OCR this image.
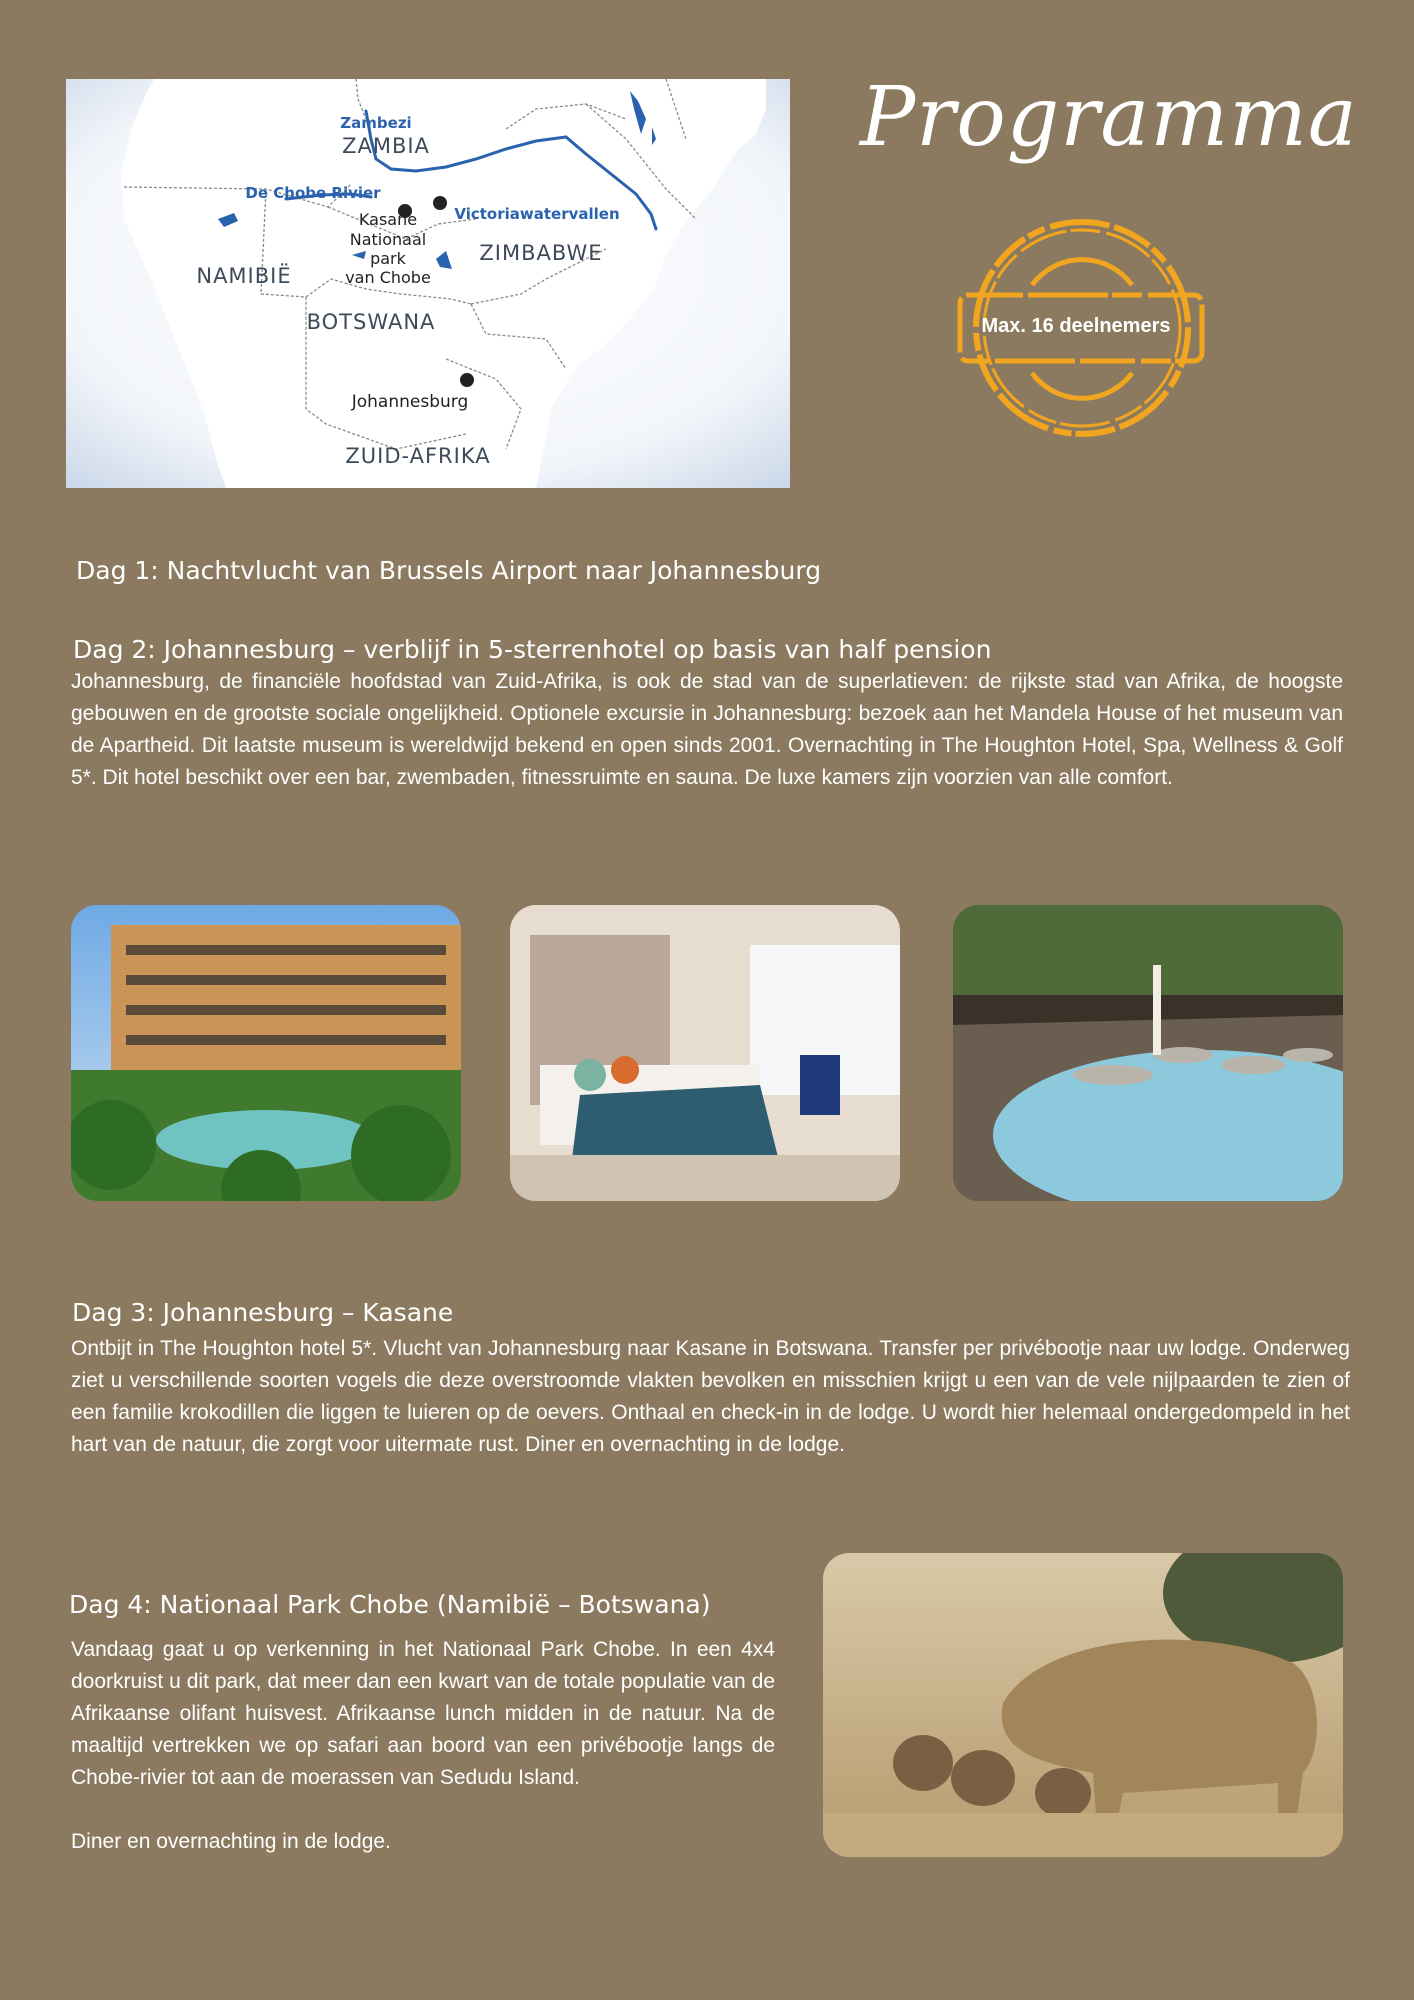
ZAMBIA
NAMIBIË
ZIMBABWE
BOTSWANA
ZUID-AFRIKA
Zambezi
De Chobe Rivier
Victoriawatervallen
Kasane
Nationaal
park
van Chobe
Johannesburg
Programma
Max. 16 deelnemers
Dag 1: Nachtvlucht van Brussels Airport naar Johannesburg
Dag 2: Johannesburg – verblijf in 5-sterrenhotel op basis van half pension

Johannesburg, de financiële hoofdstad van Zuid-Afrika, is ook de stad van de superlatieven: de rijkste stad van Afrika, de hoogste gebouwen en de grootste sociale ongelijkheid. Optionele excursie in Johannesburg: bezoek aan het Mandela House of het museum van de Apartheid. Dit laatste museum is wereldwijd bekend en open sinds 2001. Overnachting in The Houghton Hotel, Spa, Wellness & Golf 5*. Dit hotel beschikt over een bar, zwembaden, fitnessruimte en sauna. De luxe kamers zijn voorzien van alle comfort.

Dag 3: Johannesburg – Kasane

Ontbijt in The Houghton hotel 5*. Vlucht van Johannesburg naar Kasane in Botswana. Transfer per privébootje naar uw lodge. Onderweg ziet u verschillende soorten vogels die deze overstroomde vlakten bevolken en misschien krijgt u een van de vele nijlpaarden te zien of een familie krokodillen die liggen te luieren op de oevers. Onthaal en check-in in de lodge. U wordt hier helemaal ondergedompeld in het hart van de natuur, die zorgt voor uitermate rust. Diner en overnachting in de lodge.

Dag 4: Nationaal Park Chobe (Namibië – Botswana)

Vandaag gaat u op verkenning in het Nationaal Park Chobe. In een 4x4 doorkruist u dit park, dat meer dan een kwart van de totale populatie van de Afrikaanse olifant huisvest. Afrikaanse lunch midden in de natuur. Na de maaltijd vertrekken we op safari aan boord van een privébootje langs de Chobe-rivier tot aan de moerassen van Sedudu Island.

Diner en overnachting in de lodge.
